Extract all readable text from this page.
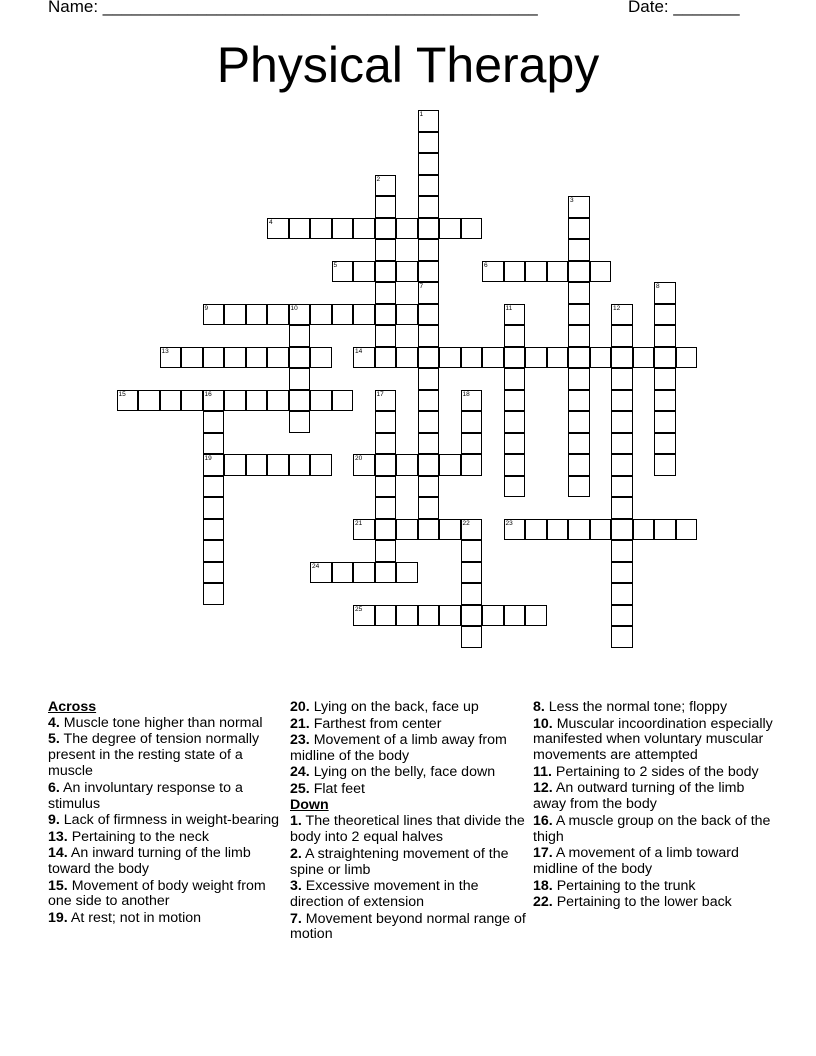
Name: ______________________________________________	Date: _______
Physical Therapy
4
5	6
9	10
13	14
15	16
19	20
21	22	23
24
25
1
7
2
3
8
11	12
17	18
Across
4. Muscle tone higher than normal
5. The degree of tension normally present in the resting state of a muscle
6. An involuntary response to a stimulus
9. Lack of firmness in weight-bearing
13. Pertaining to the neck
14. An inward turning of the limb toward the body
15. Movement of body weight from one side to another
19. At rest; not in motion
20. Lying on the back, face up
21. Farthest from center
23. Movement of a limb away from midline of the body
24. Lying on the belly, face down
25. Flat feet
Down
1. The theoretical lines that divide the body into 2 equal halves
2. A straightening movement of the spine or limb
3. Excessive movement in the direction of extension
7. Movement beyond normal range of motion
8. Less the normal tone; floppy
10. Muscular incoordination especially manifested when voluntary muscular movements are attempted
11. Pertaining to 2 sides of the body
12. An outward turning of the limb away from the body
16. A muscle group on the back of the thigh
17. A movement of a limb toward midline of the body
18. Pertaining to the trunk
22. Pertaining to the lower back
